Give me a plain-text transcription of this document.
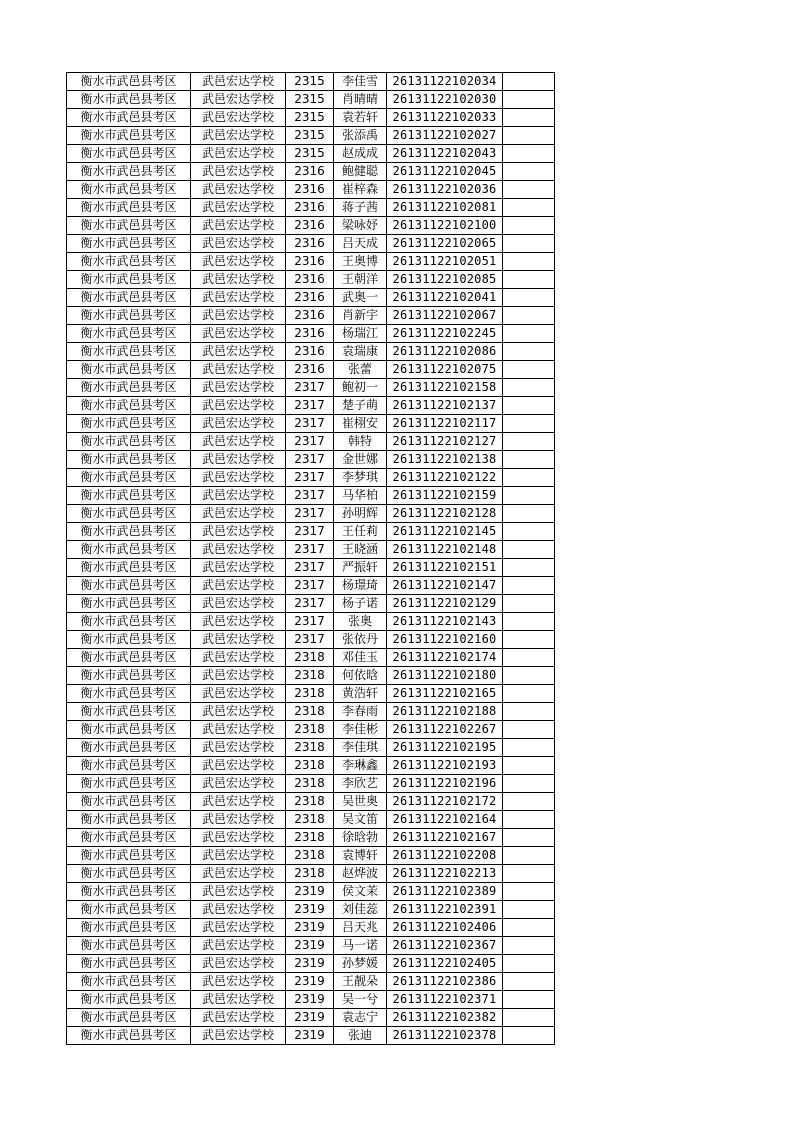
衡水市武邑县考区	武邑宏达学校	2315	李佳雪	26131122102034	
衡水市武邑县考区	武邑宏达学校	2315	肖晴晴	26131122102030	
衡水市武邑县考区	武邑宏达学校	2315	袁若轩	26131122102033	
衡水市武邑县考区	武邑宏达学校	2315	张添禹	26131122102027	
衡水市武邑县考区	武邑宏达学校	2315	赵成成	26131122102043	
衡水市武邑县考区	武邑宏达学校	2316	鲍健聪	26131122102045	
衡水市武邑县考区	武邑宏达学校	2316	崔梓森	26131122102036	
衡水市武邑县考区	武邑宏达学校	2316	蒋子茜	26131122102081	
衡水市武邑县考区	武邑宏达学校	2316	梁咏妤	26131122102100	
衡水市武邑县考区	武邑宏达学校	2316	吕天成	26131122102065	
衡水市武邑县考区	武邑宏达学校	2316	王奥博	26131122102051	
衡水市武邑县考区	武邑宏达学校	2316	王朝洋	26131122102085	
衡水市武邑县考区	武邑宏达学校	2316	武奥一	26131122102041	
衡水市武邑县考区	武邑宏达学校	2316	肖新宇	26131122102067	
衡水市武邑县考区	武邑宏达学校	2316	杨瑞江	26131122102245	
衡水市武邑县考区	武邑宏达学校	2316	袁瑞康	26131122102086	
衡水市武邑县考区	武邑宏达学校	2316	张蕾	26131122102075	
衡水市武邑县考区	武邑宏达学校	2317	鲍初一	26131122102158	
衡水市武邑县考区	武邑宏达学校	2317	楚子萌	26131122102137	
衡水市武邑县考区	武邑宏达学校	2317	崔栩安	26131122102117	
衡水市武邑县考区	武邑宏达学校	2317	韩特	26131122102127	
衡水市武邑县考区	武邑宏达学校	2317	金世娜	26131122102138	
衡水市武邑县考区	武邑宏达学校	2317	李梦琪	26131122102122	
衡水市武邑县考区	武邑宏达学校	2317	马华柏	26131122102159	
衡水市武邑县考区	武邑宏达学校	2317	孙明辉	26131122102128	
衡水市武邑县考区	武邑宏达学校	2317	王任莉	26131122102145	
衡水市武邑县考区	武邑宏达学校	2317	王晓涵	26131122102148	
衡水市武邑县考区	武邑宏达学校	2317	严振轩	26131122102151	
衡水市武邑县考区	武邑宏达学校	2317	杨璟琦	26131122102147	
衡水市武邑县考区	武邑宏达学校	2317	杨子诺	26131122102129	
衡水市武邑县考区	武邑宏达学校	2317	张奥	26131122102143	
衡水市武邑县考区	武邑宏达学校	2317	张依丹	26131122102160	
衡水市武邑县考区	武邑宏达学校	2318	邓佳玉	26131122102174	
衡水市武邑县考区	武邑宏达学校	2318	何依晗	26131122102180	
衡水市武邑县考区	武邑宏达学校	2318	黄浩轩	26131122102165	
衡水市武邑县考区	武邑宏达学校	2318	李春雨	26131122102188	
衡水市武邑县考区	武邑宏达学校	2318	李佳彬	26131122102267	
衡水市武邑县考区	武邑宏达学校	2318	李佳琪	26131122102195	
衡水市武邑县考区	武邑宏达学校	2318	李琳鑫	26131122102193	
衡水市武邑县考区	武邑宏达学校	2318	李欣艺	26131122102196	
衡水市武邑县考区	武邑宏达学校	2318	吴世奥	26131122102172	
衡水市武邑县考区	武邑宏达学校	2318	吴文笛	26131122102164	
衡水市武邑县考区	武邑宏达学校	2318	徐晗勃	26131122102167	
衡水市武邑县考区	武邑宏达学校	2318	袁博轩	26131122102208	
衡水市武邑县考区	武邑宏达学校	2318	赵烨波	26131122102213	
衡水市武邑县考区	武邑宏达学校	2319	侯文茉	26131122102389	
衡水市武邑县考区	武邑宏达学校	2319	刘佳蕊	26131122102391	
衡水市武邑县考区	武邑宏达学校	2319	吕天兆	26131122102406	
衡水市武邑县考区	武邑宏达学校	2319	马一诺	26131122102367	
衡水市武邑县考区	武邑宏达学校	2319	孙梦媛	26131122102405	
衡水市武邑县考区	武邑宏达学校	2319	王靓朵	26131122102386	
衡水市武邑县考区	武邑宏达学校	2319	吴一兮	26131122102371	
衡水市武邑县考区	武邑宏达学校	2319	袁志宁	26131122102382	
衡水市武邑县考区	武邑宏达学校	2319	张迪	26131122102378	
